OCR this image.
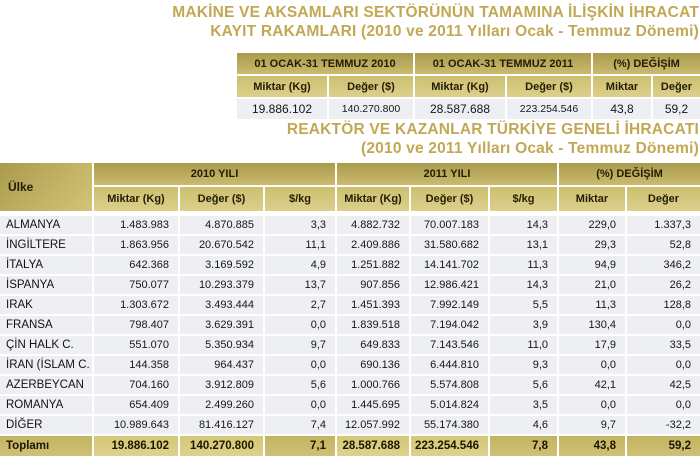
MAKİNE VE AKSAMLARI SEKTÖRÜNÜN TAMAMINA İLİŞKİN İHRACAT
KAYIT RAKAMLARI (2010 ve 2011 Yılları Ocak - Temmuz Dönemi)
01 OCAK-31 TEMMUZ 2010	01 OCAK-31 TEMMUZ 2011	(%) DEĞİŞİM
Miktar (Kg)	Değer ($)	Miktar (Kg)	Değer ($)	Miktar	Değer
19.886.102	140.270.800	28.587.688	223.254.546	43,8	59,2
REAKTÖR VE KAZANLAR TÜRKİYE GENELİ İHRACATI
(2010 ve 2011 Yılları Ocak - Temmuz Dönemi)
Ülke
2010 YILI	2011 YILI	(%) DEĞİŞİM
Miktar (Kg)	Değer ($)	$/kg	Miktar (Kg)	Değer ($)	$/kg	Miktar	Değer
ALMANYA	1.483.983	4.870.885	3,3	4.882.732	70.007.183	14,3	229,0	1.337,3
İNGİLTERE	1.863.956	20.670.542	11,1	2.409.886	31.580.682	13,1	29,3	52,8
İTALYA	642.368	3.169.592	4,9	1.251.882	14.141.702	11,3	94,9	346,2
İSPANYA	750.077	10.293.379	13,7	907.856	12.986.421	14,3	21,0	26,2
IRAK	1.303.672	3.493.444	2,7	1.451.393	7.992.149	5,5	11,3	128,8
FRANSA	798.407	3.629.391	0,0	1.839.518	7.194.042	3,9	130,4	0,0
ÇİN HALK C.	551.070	5.350.934	9,7	649.833	7.143.546	11,0	17,9	33,5
İRAN (İSLAM C.	144.358	964.437	0,0	690.136	6.444.810	9,3	0,0	0,0
AZERBEYCAN	704.160	3.912.809	5,6	1.000.766	5.574.808	5,6	42,1	42,5
ROMANYA	654.409	2.499.260	0,0	1.445.695	5.014.824	3,5	0,0	0,0
DİĞER	10.989.643	81.416.127	7,4	12.057.992	55.174.380	4,6	9,7	-32,2
Toplamı	19.886.102	140.270.800	7,1	28.587.688	223.254.546	7,8	43,8	59,2
